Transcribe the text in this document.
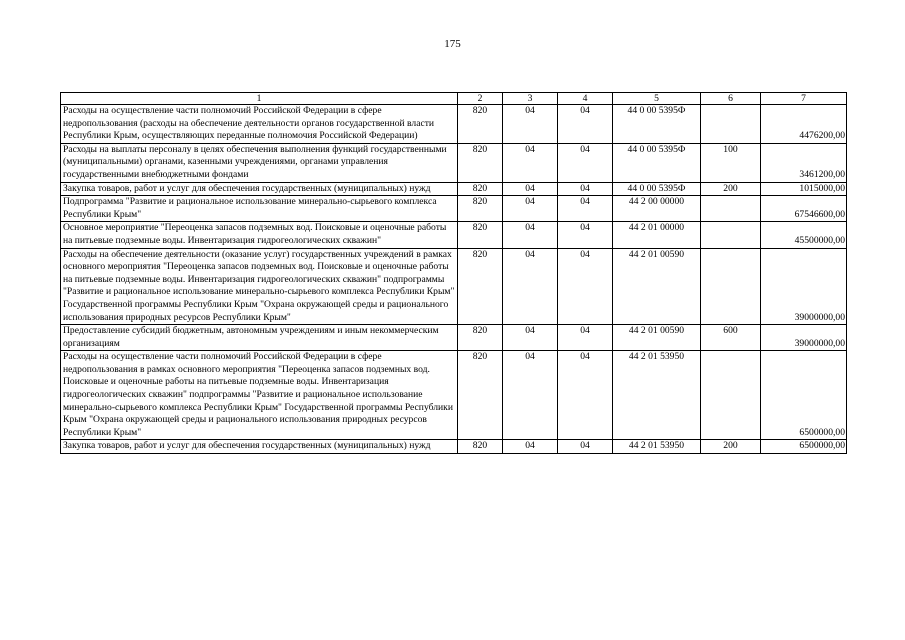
175
1	2	3	4	5	6	7
Расходы на осуществление части полномочий Российской Федерации в сфере недропользования (расходы на обеспечение деятельности органов государственной власти Республики Крым, осуществляющих переданные полномочия Российской Федерации)	820	04	04	44 0 00 5395Ф		4476200,00
Расходы на выплаты персоналу в целях обеспечения выполнения функций государственными (муниципальными) органами, казенными учреждениями, органами управления государственными внебюджетными фондами	820	04	04	44 0 00 5395Ф	100	3461200,00
Закупка товаров, работ и услуг для обеспечения государственных (муниципальных) нужд	820	04	04	44 0 00 5395Ф	200	1015000,00
Подпрограмма "Развитие и рациональное использование минерально-сырьевого комплекса Республики Крым"	820	04	04	44 2 00 00000		67546600,00
Основное мероприятие "Переоценка запасов подземных вод. Поисковые и оценочные работы на питьевые подземные воды. Инвентаризация гидрогеологических скважин"	820	04	04	44 2 01 00000		45500000,00
Расходы на обеспечение деятельности (оказание услуг) государственных учреждений в рамках основного мероприятия "Переоценка запасов подземных вод. Поисковые и оценочные работы на питьевые подземные воды. Инвентаризация гидрогеологических скважин" подпрограммы "Развитие и рациональное использование минерально-сырьевого комплекса Республики Крым" Государственной программы Республики Крым "Охрана окружающей среды и рационального использования природных ресурсов Республики Крым"	820	04	04	44 2 01 00590		39000000,00
Предоставление субсидий бюджетным, автономным учреждениям и иным некоммерческим организациям	820	04	04	44 2 01 00590	600	39000000,00
Расходы на осуществление части полномочий Российской Федерации в сфере недропользования в рамках основного мероприятия "Переоценка запасов подземных вод. Поисковые и оценочные работы на питьевые подземные воды. Инвентаризация гидрогеологических скважин" подпрограммы "Развитие и рациональное использование минерально-сырьевого комплекса Республики Крым" Государственной программы Республики Крым "Охрана окружающей среды и рационального использования природных ресурсов Республики Крым"	820	04	04	44 2 01 53950		6500000,00
Закупка товаров, работ и услуг для обеспечения государственных (муниципальных) нужд	820	04	04	44 2 01 53950	200	6500000,00
